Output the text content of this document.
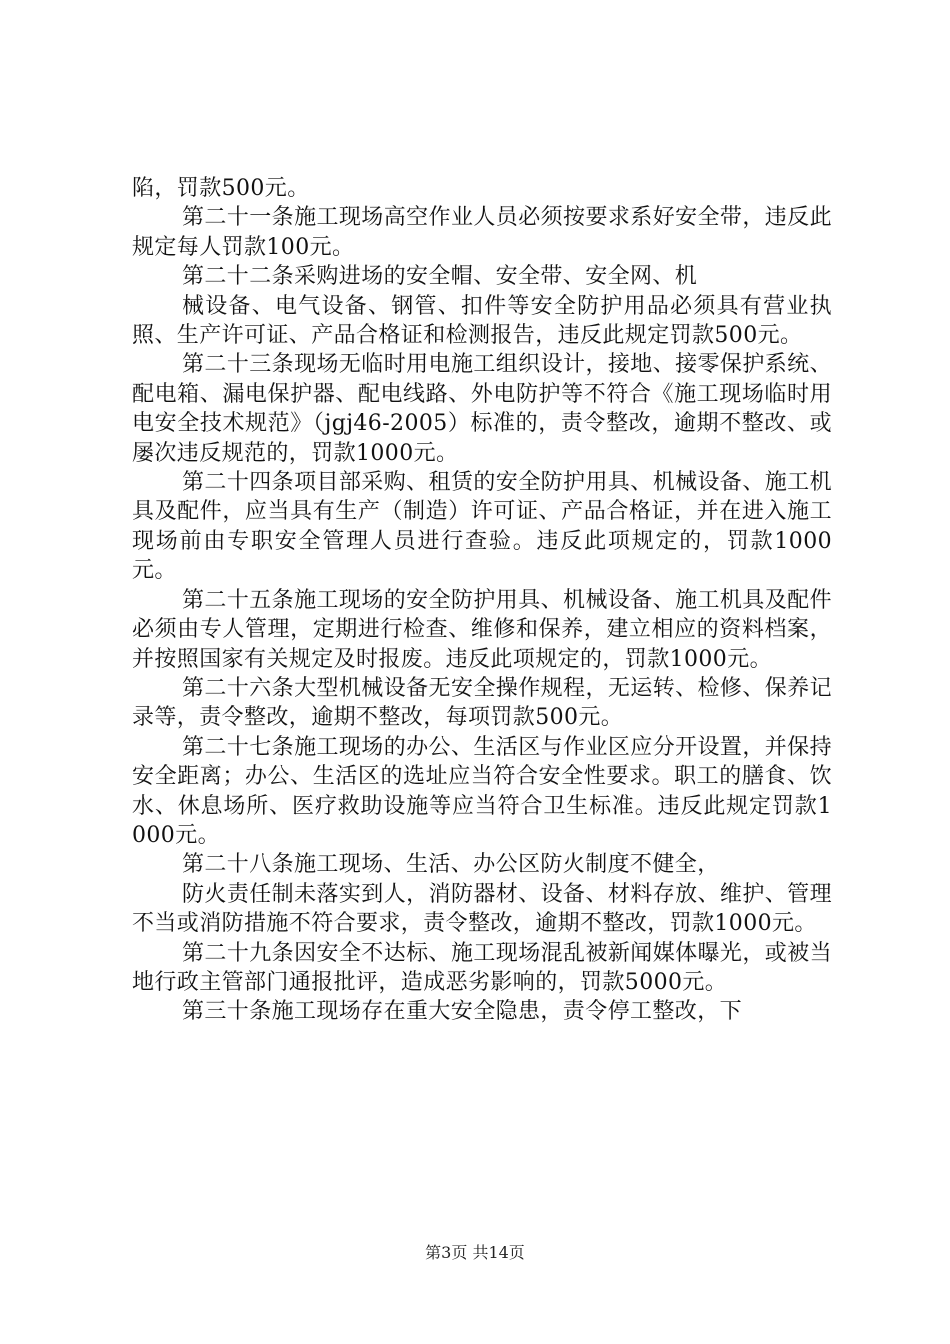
陷，罚款500元。

第二十一条施工现场高空作业人员必须按要求系好安全带，违反此规定每人罚款100元。

第二十二条采购进场的安全帽、安全带、安全网、机

械设备、电气设备、钢管、扣件等安全防护用品必须具有营业执照、生产许可证、产品合格证和检测报告，违反此规定罚款500元。

第二十三条现场无临时用电施工组织设计，接地、接零保护系统、配电箱、漏电保护器、配电线路、外电防护等不符合《施工现场临时用电安全技术规范》（jgj46-2005）标准的，责令整改，逾期不整改、或屡次违反规范的，罚款1000元。

第二十四条项目部采购、租赁的安全防护用具、机械设备、施工机具及配件，应当具有生产（制造）许可证、产品合格证，并在进入施工现场前由专职安全管理人员进行查验。违反此项规定的，罚款1000元。

第二十五条施工现场的安全防护用具、机械设备、施工机具及配件必须由专人管理，定期进行检查、维修和保养，建立相应的资料档案，并按照国家有关规定及时报废。违反此项规定的，罚款1000元。

第二十六条大型机械设备无安全操作规程，无运转、检修、保养记录等，责令整改，逾期不整改，每项罚款500元。

第二十七条施工现场的办公、生活区与作业区应分开设置，并保持安全距离；办公、生活区的选址应当符合安全性要求。职工的膳食、饮水、休息场所、医疗救助设施等应当符合卫生标准。违反此规定罚款1000元。

第二十八条施工现场、生活、办公区防火制度不健全，

防火责任制未落实到人，消防器材、设备、材料存放、维护、管理不当或消防措施不符合要求，责令整改，逾期不整改，罚款1000元。

第二十九条因安全不达标、施工现场混乱被新闻媒体曝光，或被当地行政主管部门通报批评，造成恶劣影响的，罚款5000元。

第三十条施工现场存在重大安全隐患，责令停工整改，下

第3页 共14页
